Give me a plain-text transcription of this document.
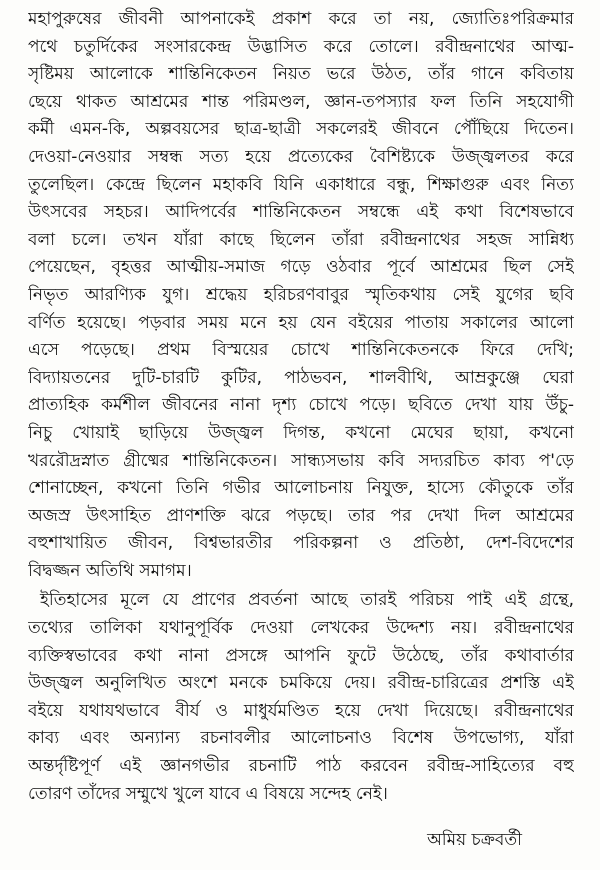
মহাপুরুষের জীবনী আপনাকেই প্রকাশ করে তা নয়, জ্যোতিঃপরিক্রমার
পথে চতুর্দিকের সংসারকেন্দ্র উদ্ভাসিত করে তোলে। রবীন্দ্রনাথের আত্ম-
সৃষ্টিময় আলোকে শান্তিনিকেতন নিয়ত ভরে উঠত, তাঁর গানে কবিতায়
ছেয়ে থাকত আশ্রমের শান্ত পরিমণ্ডল, জ্ঞান-তপস্যার ফল তিনি সহযোগী
কর্মী এমন-কি, অল্পবয়সের ছাত্র-ছাত্রী সকলেরই জীবনে পৌঁছিয়ে দিতেন।
দেওয়া-নেওয়ার সম্বন্ধ সত্য হয়ে প্রত্যেকের বৈশিষ্ট্যকে উজ্জ্বলতর করে
তুলেছিল। কেন্দ্রে ছিলেন মহাকবি যিনি একাধারে বন্ধু, শিক্ষাগুরু এবং নিত্য
উৎসবের সহচর। আদিপর্বের শান্তিনিকেতন সম্বন্ধে এই কথা বিশেষভাবে
বলা চলে। তখন যাঁরা কাছে ছিলেন তাঁরা রবীন্দ্রনাথের সহজ সান্নিধ্য
পেয়েছেন, বৃহত্তর আত্মীয়-সমাজ গড়ে ওঠবার পূর্বে আশ্রমের ছিল সেই
নিভৃত আরণ্যিক যুগ। শ্রদ্ধেয় হরিচরণবাবুর স্মৃতিকথায় সেই যুগের ছবি
বর্ণিত হয়েছে। পড়বার সময় মনে হয় যেন বইয়ের পাতায় সকালের আলো
এসে পড়েছে। প্রথম বিস্ময়ের চোখে শান্তিনিকেতনকে ফিরে দেখি;
বিদ্যায়তনের দুটি-চারটি কুটির, পাঠভবন, শালবীথি, আম্রকুঞ্জে ঘেরা
প্রাত্যহিক কর্মশীল জীবনের নানা দৃশ্য চোখে পড়ে। ছবিতে দেখা যায় উঁচু-
নিচু খোয়াই ছাড়িয়ে উজ্জ্বল দিগন্ত, কখনো মেঘের ছায়া, কখনো
খররৌদ্রস্নাত গ্রীষ্মের শান্তিনিকেতন। সান্ধ্যসভায় কবি সদ্যরচিত কাব্য প'ড়ে
শোনাচ্ছেন, কখনো তিনি গভীর আলোচনায় নিযুক্ত, হাস্যে কৌতুকে তাঁর
অজস্র উৎসাহিত প্রাণশক্তি ঝরে পড়ছে। তার পর দেখা দিল আশ্রমের
বহুশাখায়িত জীবন, বিশ্বভারতীর পরিকল্পনা ও প্রতিষ্ঠা, দেশ-বিদেশের
বিদ্বজ্জন অতিথি সমাগম।
ইতিহাসের মূলে যে প্রাণের প্রবর্তনা আছে তারই পরিচয় পাই এই গ্রন্থে,
তথ্যের তালিকা যথানুপূর্বিক দেওয়া লেখকের উদ্দেশ্য নয়। রবীন্দ্রনাথের
ব্যক্তিস্বভাবের কথা নানা প্রসঙ্গে আপনি ফুটে উঠেছে, তাঁর কথাবার্তার
উজ্জ্বল অনুলিখিত অংশে মনকে চমকিয়ে দেয়। রবীন্দ্র-চারিত্রের প্রশস্তি এই
বইয়ে যথাযথভাবে বীর্য ও মাধুর্যমণ্ডিত হয়ে দেখা দিয়েছে। রবীন্দ্রনাথের
কাব্য এবং অন্যান্য রচনাবলীর আলোচনাও বিশেষ উপভোগ্য, যাঁরা
অন্তর্দৃষ্টিপূর্ণ এই জ্ঞানগভীর রচনাটি পাঠ করবেন রবীন্দ্র-সাহিত্যের বহু
তোরণ তাঁদের সম্মুখে খুলে যাবে এ বিষয়ে সন্দেহ নেই।
অমিয় চক্রবর্তী
